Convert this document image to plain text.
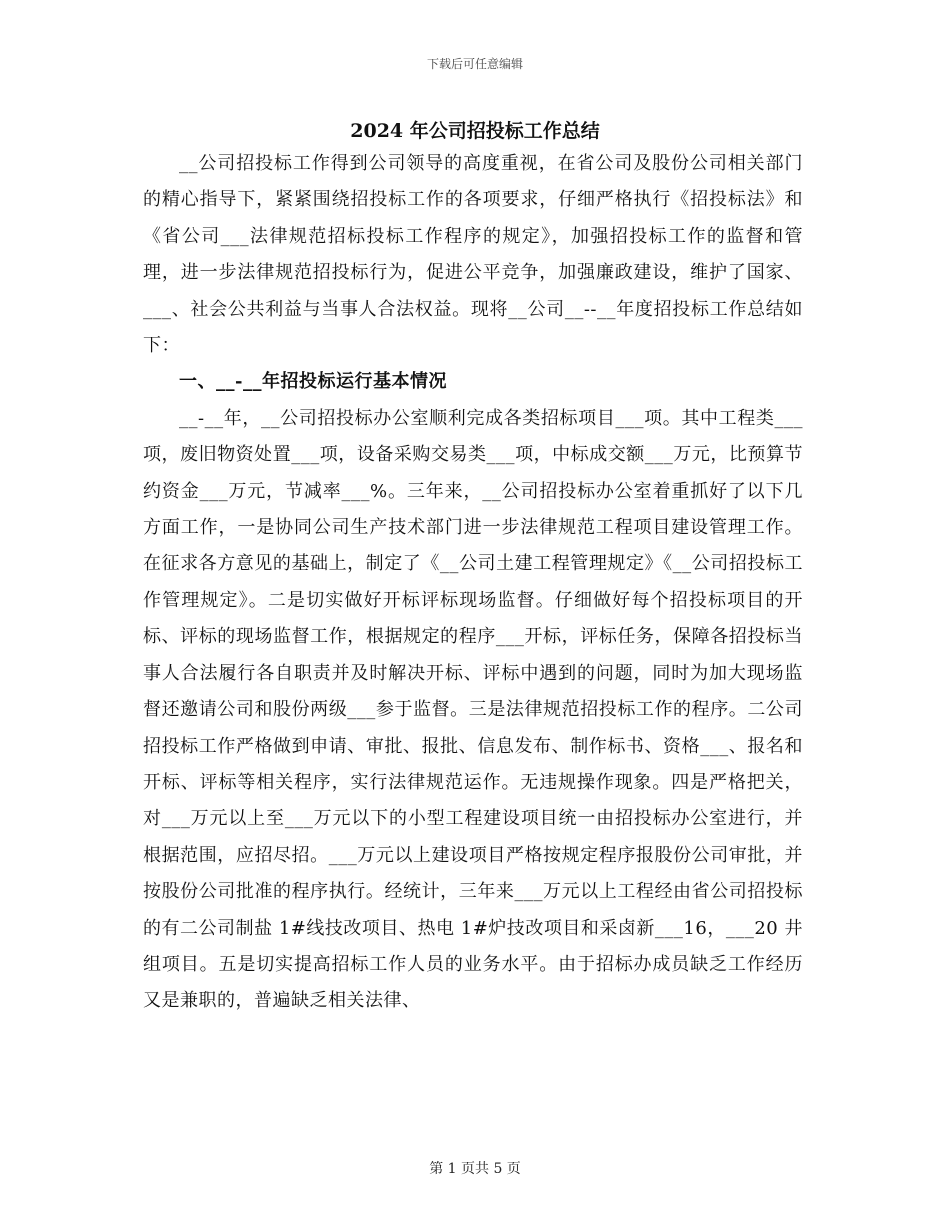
下载后可任意编辑
2024 年公司招投标工作总结

__公司招投标工作得到公司领导的高度重视，在省公司及股份公司相关部门的精心指导下，紧紧围绕招投标工作的各项要求，仔细严格执行《招投标法》和《省公司___法律规范招标投标工作程序的规定》，加强招投标工作的监督和管理，进一步法律规范招投标行为，促进公平竞争，加强廉政建设，维护了国家、___、社会公共利益与当事人合法权益。现将__公司__--__年度招投标工作总结如下：

一、__-__年招投标运行基本情况

__-__年，__公司招投标办公室顺利完成各类招标项目___项。其中工程类___项，废旧物资处置___项，设备采购交易类___项，中标成交额___万元，比预算节约资金___万元，节减率___%。三年来，__公司招投标办公室着重抓好了以下几方面工作，一是协同公司生产技术部门进一步法律规范工程项目建设管理工作。在征求各方意见的基础上，制定了《__公司土建工程管理规定》《__公司招投标工作管理规定》。二是切实做好开标评标现场监督。仔细做好每个招投标项目的开标、评标的现场监督工作，根据规定的程序___开标，评标任务，保障各招投标当事人合法履行各自职责并及时解决开标、评标中遇到的问题，同时为加大现场监督还邀请公司和股份两级___参于监督。三是法律规范招投标工作的程序。二公司招投标工作严格做到申请、审批、报批、信息发布、制作标书、资格___、报名和开标、评标等相关程序，实行法律规范运作。无违规操作现象。四是严格把关，对___万元以上至___万元以下的小型工程建设项目统一由招投标办公室进行，并根据范围，应招尽招。___万元以上建设项目严格按规定程序报股份公司审批，并按股份公司批准的程序执行。经统计，三年来___万元以上工程经由省公司招投标的有二公司制盐 1#线技改项目、热电 1#炉技改项目和采卤新___16，___20 井组项目。五是切实提高招标工作人员的业务水平。由于招标办成员缺乏工作经历又是兼职的，普遍缺乏相关法律、

第 1 页共 5 页
